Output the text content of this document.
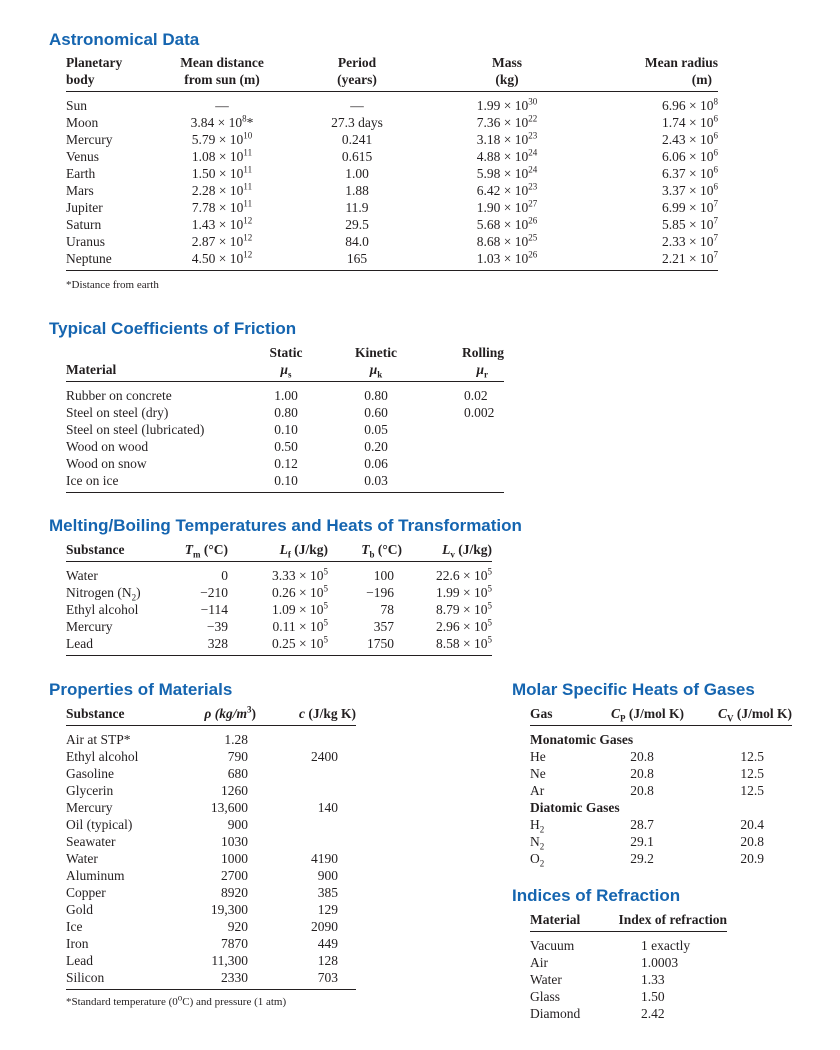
Astronomical Data
Planetary	Mean distance	Period	Mass	Mean radius
body	from sun (m)	(years)	(kg)	(m)
Sun	—	—	$1.99 \times 10^{30}$	$6.96 \times 10^8$
Moon	$3.84 \times 10^8*$	27.3 days	$7.36 \times 10^{22}$	$1.74 \times 10^6$
Mercury	$5.79 \times 10^{10}$	0.241	$3.18 \times 10^{23}$	$2.43 \times 10^6$
Venus	$1.08 \times 10^{11}$	0.615	$4.88 \times 10^{24}$	$6.06 \times 10^6$
Earth	$1.50 \times 10^{11}$	1.00	$5.98 \times 10^{24}$	$6.37 \times 10^6$
Mars	$2.28 \times 10^{11}$	1.88	$6.42 \times 10^{23}$	$3.37 \times 10^6$
Jupiter	$7.78 \times 10^{11}$	11.9	$1.90 \times 10^{27}$	$6.99 \times 10^7$
Saturn	$1.43 \times 10^{12}$	29.5	$5.68 \times 10^{26}$	$5.85 \times 10^7$
Uranus	$2.87 \times 10^{12}$	84.0	$8.68 \times 10^{25}$	$2.33 \times 10^7$
Neptune	$4.50 \times 10^{12}$	165	$1.03 \times 10^{26}$	$2.21 \times 10^7$
*Distance from earth
Typical Coefficients of Friction
	Static	Kinetic	Rolling
Material	$\mu_s$	$\mu_k$	$\mu_r$
Rubber on concrete	1.00	0.80	0.02
Steel on steel (dry)	0.80	0.60	0.002
Steel on steel (lubricated)	0.10	0.05	
Wood on wood	0.50	0.20	
Wood on snow	0.12	0.06	
Ice on ice	0.10	0.03	
Melting/Boiling Temperatures and Heats of Transformation
Substance	$T_m$ (°C)	$L_f$ (J/kg)	$T_b$ (°C)	$L_v$ (J/kg)
Water	0	$3.33 \times 10^5$	100	$22.6 \times 10^5$
Nitrogen $(N_2)$	−210	$0.26 \times 10^5$	−196	$1.99 \times 10^5$
Ethyl alcohol	−114	$1.09 \times 10^5$	78	$8.79 \times 10^5$
Mercury	−39	$0.11 \times 10^5$	357	$2.96 \times 10^5$
Lead	328	$0.25 \times 10^5$	1750	$8.58 \times 10^5$
Properties of Materials
Substance	ρ $(kg/m^3)$	c (J/kg K)
Air at STP*	1.28	
Ethyl alcohol	790	2400
Gasoline	680	
Glycerin	1260	
Mercury	13,600	140
Oil (typical)	900	
Seawater	1030	
Water	1000	4190
Aluminum	2700	900
Copper	8920	385
Gold	19,300	129
Ice	920	2090
Iron	7870	449
Lead	11,300	128
Silicon	2330	703
*Standard temperature (0$^o$C) and pressure (1 atm)
Molar Specific Heats of Gases
Gas	$C_P$ (J/mol K)	$C_V$ (J/mol K)
Monatomic Gases		
He	20.8	12.5
Ne	20.8	12.5
Ar	20.8	12.5
Diatomic Gases		
$H_2$	28.7	20.4
$N_2$	29.1	20.8
$O_2$	29.2	20.9
Indices of Refraction
Material	Index of refraction
Vacuum	1 exactly
Air	1.0003
Water	1.33
Glass	1.50
Diamond	2.42
